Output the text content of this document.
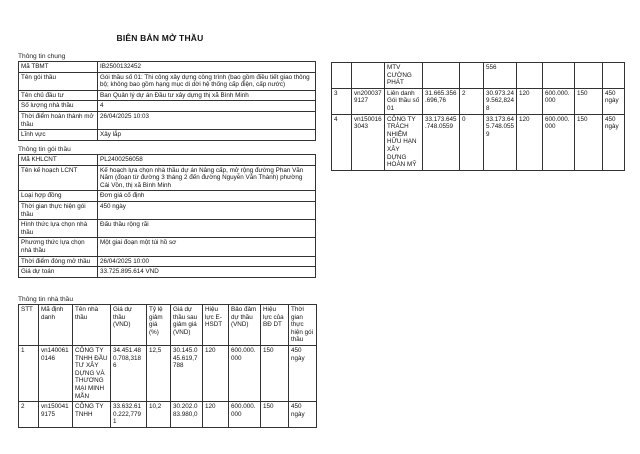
BIÊN BẢN MỞ THẦU
Thông tin chung
Mã TBMT	IB2500132452
Tên gói thầu	Gói thầu số 01: Thi công xây dựng công trình (bao gồm điều tiết giao thông bộ; không bao gồm hạng mục di dời hệ thống cấp điện, cấp nước)
Tên chủ đầu tư	Ban Quản lý dự án Đầu tư xây dựng thị xã Bình Minh
Số lượng nhà thầu	4
Thời điểm hoàn thành mở thầu	26/04/2025 10:03
Lĩnh vực	Xây lắp
Thông tin gói thầu
Mã KHLCNT	PL2400256058
Tên kế hoạch LCNT	Kế hoạch lựa chọn nhà thầu dự án Nâng cấp, mở rộng đường Phan Văn Năm (đoạn từ đường 3 tháng 2 đến đường Nguyễn Văn Thành) phường Cái Vồn, thị xã Bình Minh
Loại hợp đồng	Đơn giá cố định
Thời gian thực hiện gói thầu	450 ngày
Hình thức lựa chọn nhà thầu	Đấu thầu rộng rãi
Phương thức lựa chọn nhà thầu	Một giai đoạn một túi hồ sơ
Thời điểm đóng mở thầu	26/04/2025 10:00
Giá dự toán	33.725.895.614 VND
Thông tin nhà thầu
STT	Mã định danh	Tên nhà thầu	Giá dự thầu (VND)	Tỷ lệ giảm giá (%)	Giá dự thầu sau giảm giá (VND)	Hiệu lực E-HSDT	Bảo đảm dự thầu (VND)	Hiệu lực của BĐ DT	Thời gian thực hiện gói thầu
1	vn1400610146	CÔNG TY TNHH ĐẦU TƯ XÂY DỰNG VÀ THƯƠNG MẠI MINH MẪN	34.451.480.708,3186	12,5	30.145.045.619,7788	120	600.000.000	150	450 ngày
2	vn1500419175	CÔNG TY TNHH	33.632.610.222,7791	10,2	30.202.083.980,0	120	600.000.000	150	450 ngày
		MTV CƯỜNG PHÁT			556				
3	vn2000379127	Liên danh Gói thầu số 01	31.665.356.696,76	2	30.973.249.562,8248	120	600.000.000	150	450 ngày
4	vn1500163043	CÔNG TY TRÁCH NHIỆM HỮU HẠN XÂY DỰNG HOÀN MỸ	33.173.645.748.0559	0	33.173.645.748.0559	120	600.000.000	150	450 ngày
